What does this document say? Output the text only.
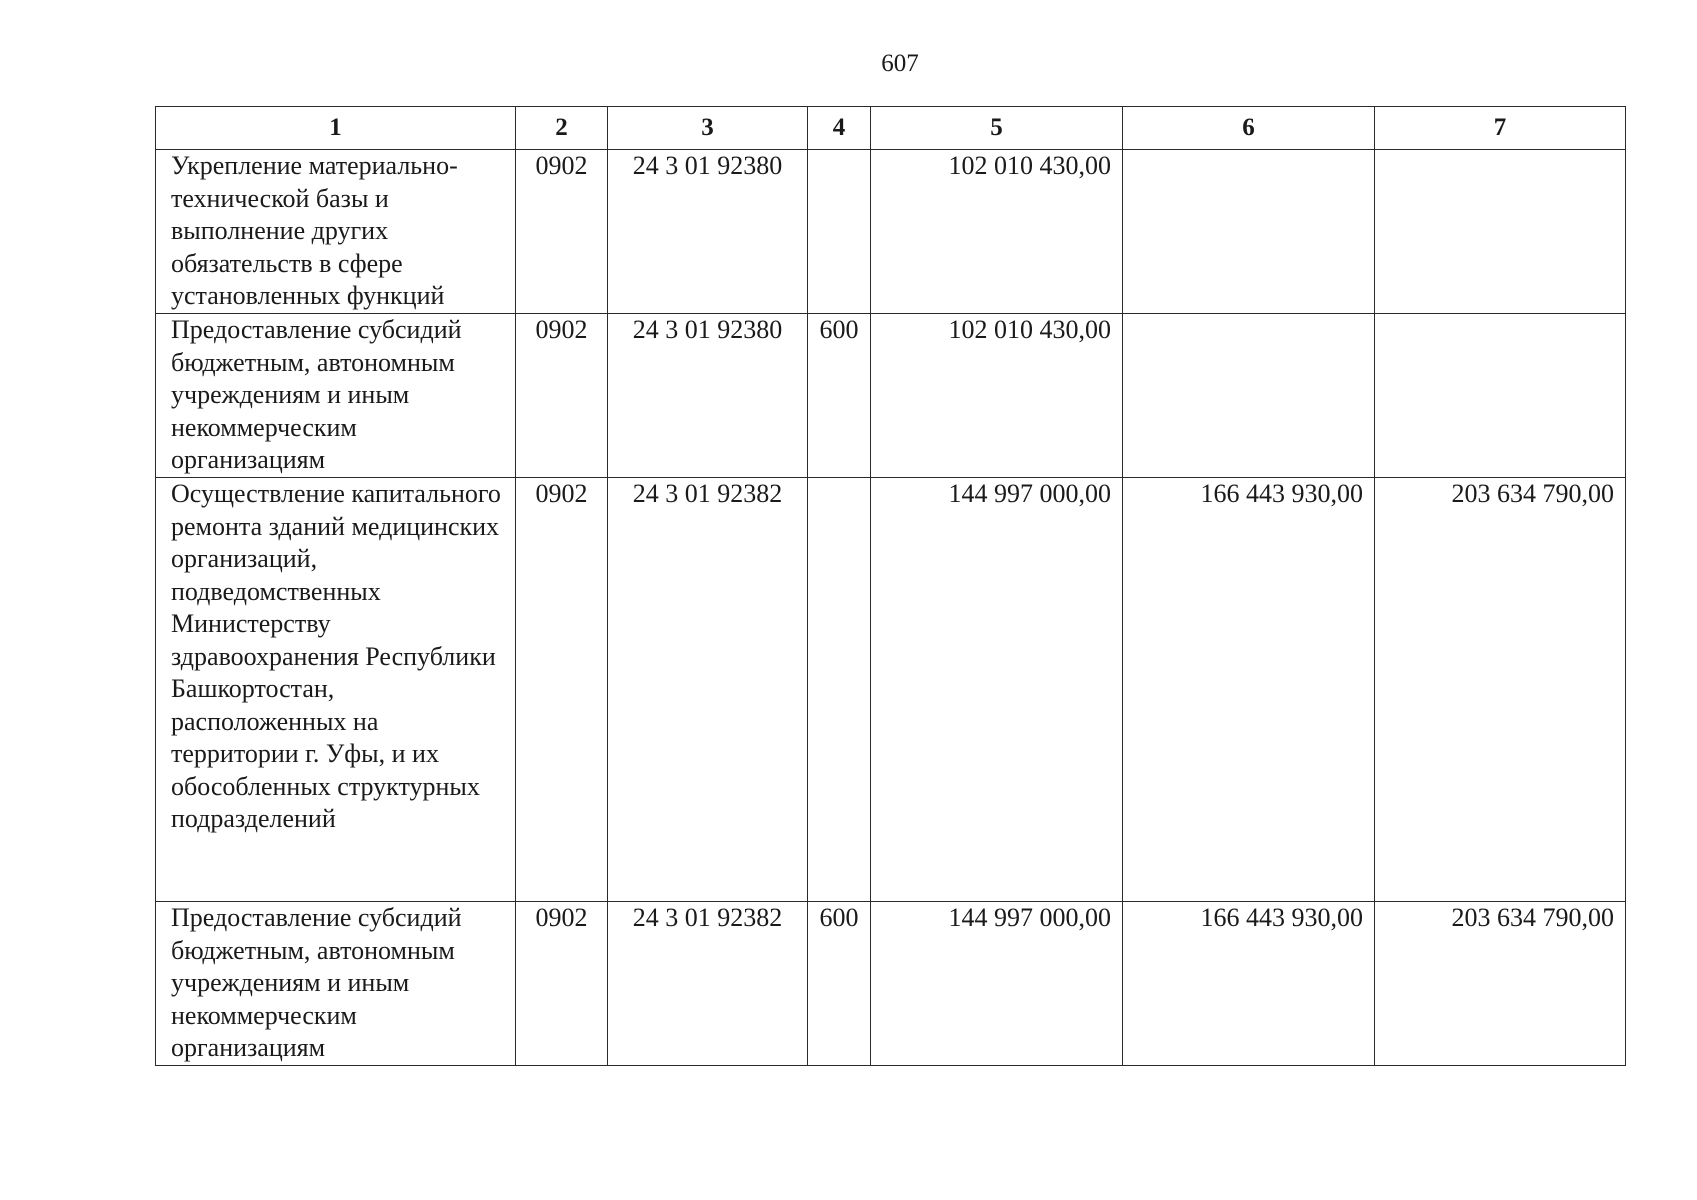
607
1	2	3	4	5	6	7
Укрепление материально-технической базы и выполнение других обязательств в сфере установленных функций	0902	24 3 01 92380		102 010 430,00		
Предоставление субсидий бюджетным, автономным учреждениям и иным некоммерческим организациям	0902	24 3 01 92380	600	102 010 430,00		
Осуществление капитального ремонта зданий медицинских организаций, подведомственных Министерству здравоохранения Республики Башкортостан, расположенных на территории г. Уфы, и их обособленных структурных подразделений	0902	24 3 01 92382		144 997 000,00	166 443 930,00	203 634 790,00
Предоставление субсидий бюджетным, автономным учреждениям и иным некоммерческим организациям	0902	24 3 01 92382	600	144 997 000,00	166 443 930,00	203 634 790,00
